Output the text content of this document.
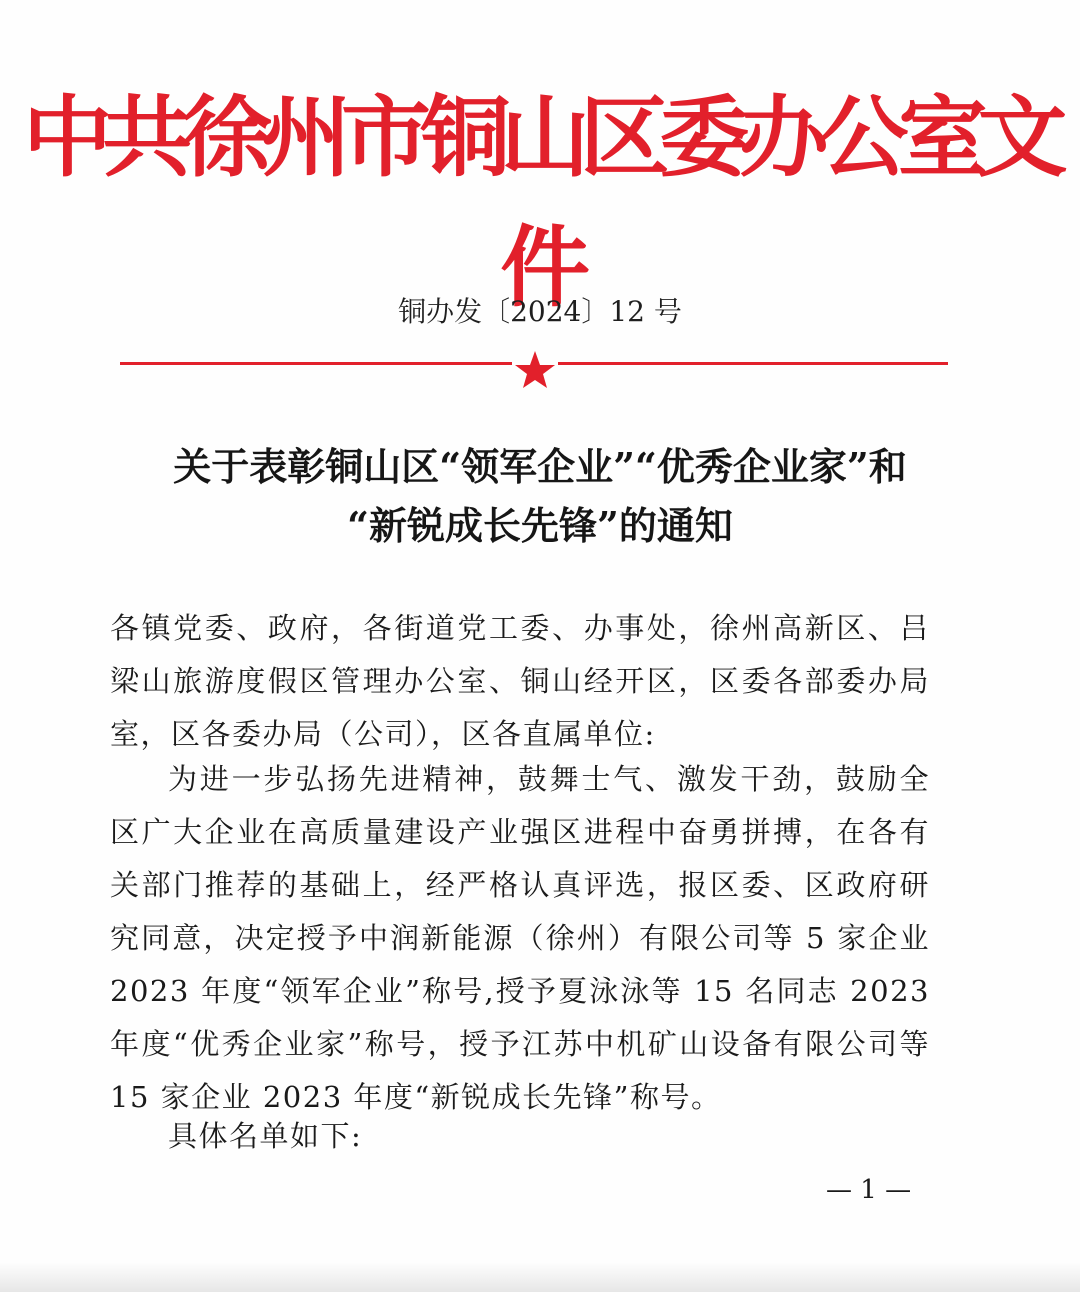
中共徐州市铜山区委办公室文件
铜办发〔2024〕12 号
关于表彰铜山区“领军企业”“优秀企业家”和
“新锐成长先锋”的通知
各镇党委、政府，各街道党工委、办事处，徐州高新区、吕梁山旅游度假区管理办公室、铜山经开区，区委各部委办局室，区各委办局（公司），区各直属单位:
为进一步弘扬先进精神，鼓舞士气、激发干劲，鼓励全区广大企业在高质量建设产业强区进程中奋勇拼搏，在各有关部门推荐的基础上，经严格认真评选，报区委、区政府研究同意，决定授予中润新能源（徐州）有限公司等 5 家企业 2023 年度“领军企业”称号,授予夏泳泳等 15 名同志 2023 年度“优秀企业家”称号，授予江苏中机矿山设备有限公司等 15 家企业 2023 年度“新锐成长先锋”称号。
具体名单如下:
— 1 —
